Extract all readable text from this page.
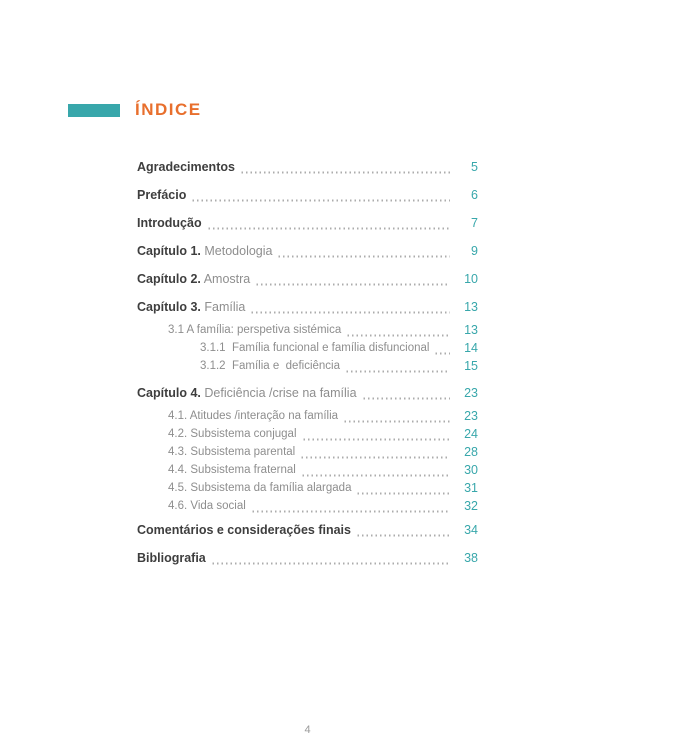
ÍNDICE
Agradecimentos	5
Prefácio	6
Introdução	7
Capítulo 1. Metodologia	9
Capítulo 2. Amostra	10
Capítulo 3. Família	13
3.1 A família: perspetiva sistémica	13
3.1.1  Família funcional e família disfuncional	14
3.1.2  Família e  deficiência	15
Capítulo 4. Deficiência /crise na família	23
4.1. Atitudes /interação na família	23
4.2. Subsistema conjugal	24
4.3. Subsistema parental	28
4.4. Subsistema fraternal	30
4.5. Subsistema da família alargada	31
4.6. Vida social	32
Comentários e considerações finais	34
Bibliografia	38
4
